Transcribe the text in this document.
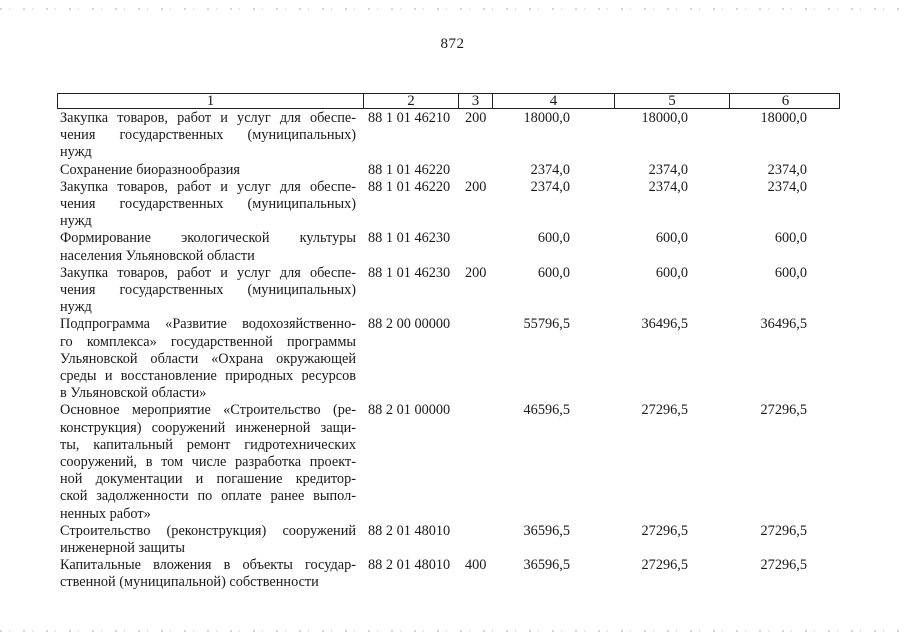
872
1	2	3	4	5	6
Закупка товаров, работ и услуг для обеспе-
чения государственных (муниципальных)
нужд
88 1 01 46210 200	18000,0	18000,0	18000,0
Сохранение биоразнообразия	88 1 01 46220	2374,0	2374,0	2374,0
Закупка товаров, работ и услуг для обеспе-
чения государственных (муниципальных)
нужд
88 1 01 46220 200	2374,0	2374,0	2374,0
Формирование экологической культуры
населения Ульяновской области
88 1 01 46230	600,0	600,0	600,0
Закупка товаров, работ и услуг для обеспе-
чения государственных (муниципальных)
нужд
88 1 01 46230 200	600,0	600,0	600,0
Подпрограмма «Развитие водохозяйственно-
го комплекса» государственной программы
Ульяновской области «Охрана окружающей
среды и восстановление природных ресурсов
в Ульяновской области»
88 2 00 00000	55796,5	36496,5	36496,5
Основное мероприятие «Строительство (ре-
конструкция) сооружений инженерной защи-
ты, капитальный ремонт гидротехнических
сооружений, в том числе разработка проект-
ной документации и погашение кредитор-
ской задолженности по оплате ранее выпол-
ненных работ»
88 2 01 00000	46596,5	27296,5	27296,5
Строительство (реконструкция) сооружений
инженерной защиты
88 2 01 48010	36596,5	27296,5	27296,5
Капитальные вложения в объекты государ-
ственной (муниципальной) собственности
88 2 01 48010 400	36596,5	27296,5	27296,5
